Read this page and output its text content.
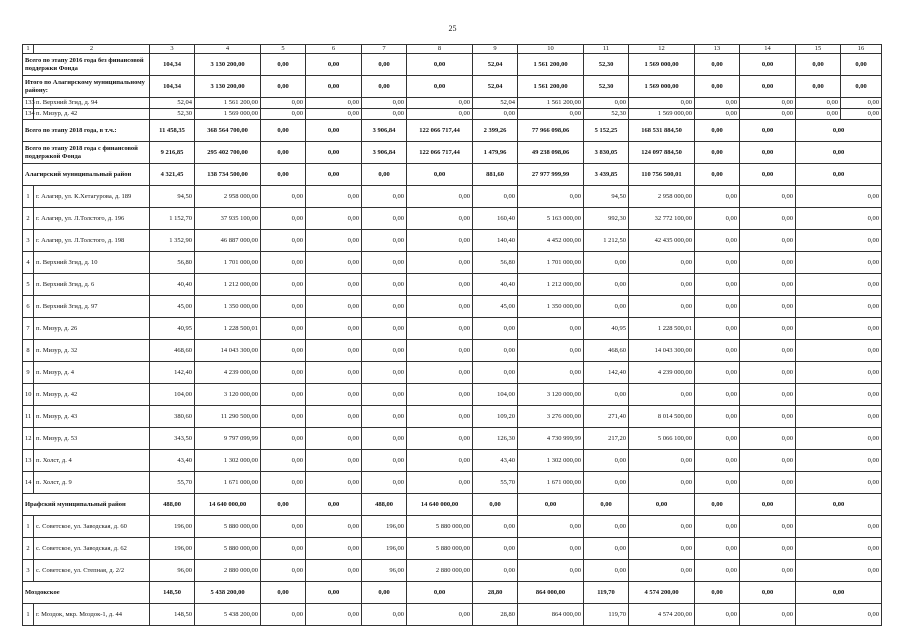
25
1	2	3	4	5	6	7	8	9	10	11	12	13	14	15	16
Всего по этапу 2016 года без финансовой поддержки Фонда		104,34	3 130 200,00	0,00	0,00	0,00	0,00	52,04	1 561 200,00	52,30	1 569 000,00	0,00	0,00	0,00	0,00
Итого по Алагирскому муниципальному району:		104,34	3 130 200,00	0,00	0,00	0,00	0,00	52,04	1 561 200,00	52,30	1 569 000,00	0,00	0,00	0,00	0,00
133	п. Верхний Згид, д. 94	52,04	1 561 200,00	0,00	0,00	0,00	0,00	52,04	1 561 200,00	0,00	0,00	0,00	0,00	0,00	0,00
134	п. Мизур, д. 42	52,30	1 569 000,00	0,00	0,00	0,00	0,00	0,00	0,00	52,30	1 569 000,00	0,00	0,00	0,00	0,00
Всего по этапу 2018 года, в т.ч.:		11 458,35	368 564 700,00	0,00	0,00	3 906,84	122 066 717,44	2 399,26	77 966 098,06	5 152,25	168 531 884,50	0,00	0,00	0,00	
Всего по этапу 2018 года с финансовой поддержкой Фонда		9 216,85	295 402 700,00	0,00	0,00	3 906,84	122 066 717,44	1 479,96	49 238 098,06	3 830,05	124 097 884,50	0,00	0,00	0,00	
Алагирский муниципальный район		4 321,45	138 734 500,00	0,00	0,00	0,00	0,00	881,60	27 977 999,99	3 439,85	110 756 500,01	0,00	0,00	0,00	
1	г. Алагир, ул. К.Хетагурова, д. 189	94,50	2 958 000,00	0,00	0,00	0,00	0,00	0,00	0,00	94,50	2 958 000,00	0,00	0,00	0,00	
2	г. Алагир, ул. Л.Толстого, д. 196	1 152,70	37 935 100,00	0,00	0,00	0,00	0,00	160,40	5 163 000,00	992,30	32 772 100,00	0,00	0,00	0,00	
3	г. Алагир, ул. Л.Толстого, д. 198	1 352,90	46 887 000,00	0,00	0,00	0,00	0,00	140,40	4 452 000,00	1 212,50	42 435 000,00	0,00	0,00	0,00	
4	п. Верхний Згид, д. 10	56,80	1 701 000,00	0,00	0,00	0,00	0,00	56,80	1 701 000,00	0,00	0,00	0,00	0,00	0,00	
5	п. Верхний Згид, д. 6	40,40	1 212 000,00	0,00	0,00	0,00	0,00	40,40	1 212 000,00	0,00	0,00	0,00	0,00	0,00	
6	п. Верхний Згид, д. 97	45,00	1 350 000,00	0,00	0,00	0,00	0,00	45,00	1 350 000,00	0,00	0,00	0,00	0,00	0,00	
7	п. Мизур, д. 26	40,95	1 228 500,01	0,00	0,00	0,00	0,00	0,00	0,00	40,95	1 228 500,01	0,00	0,00	0,00	
8	п. Мизур, д. 32	468,60	14 043 300,00	0,00	0,00	0,00	0,00	0,00	0,00	468,60	14 043 300,00	0,00	0,00	0,00	
9	п. Мизур, д. 4	142,40	4 239 000,00	0,00	0,00	0,00	0,00	0,00	0,00	142,40	4 239 000,00	0,00	0,00	0,00	
10	п. Мизур, д. 42	104,00	3 120 000,00	0,00	0,00	0,00	0,00	104,00	3 120 000,00	0,00	0,00	0,00	0,00	0,00	
11	п. Мизур, д. 43	380,60	11 290 500,00	0,00	0,00	0,00	0,00	109,20	3 276 000,00	271,40	8 014 500,00	0,00	0,00	0,00	
12	п. Мизур, д. 53	343,50	9 797 099,99	0,00	0,00	0,00	0,00	126,30	4 730 999,99	217,20	5 066 100,00	0,00	0,00	0,00	
13	п. Холст, д. 4	43,40	1 302 000,00	0,00	0,00	0,00	0,00	43,40	1 302 000,00	0,00	0,00	0,00	0,00	0,00	
14	п. Холст, д. 9	55,70	1 671 000,00	0,00	0,00	0,00	0,00	55,70	1 671 000,00	0,00	0,00	0,00	0,00	0,00	
Ирафский муниципальный район		488,00	14 640 000,00	0,00	0,00	488,00	14 640 000,00	0,00	0,00	0,00	0,00	0,00	0,00	0,00	
1	с. Советское, ул. Заводская, д. 60	196,00	5 880 000,00	0,00	0,00	196,00	5 880 000,00	0,00	0,00	0,00	0,00	0,00	0,00	0,00	
2	с. Советское, ул. Заводская, д. 62	196,00	5 880 000,00	0,00	0,00	196,00	5 880 000,00	0,00	0,00	0,00	0,00	0,00	0,00	0,00	
3	с. Советское, ул. Степная, д. 2/2	96,00	2 880 000,00	0,00	0,00	96,00	2 880 000,00	0,00	0,00	0,00	0,00	0,00	0,00	0,00	
Моздокское		148,50	5 438 200,00	0,00	0,00	0,00	0,00	28,80	864 000,00	119,70	4 574 200,00	0,00	0,00	0,00	
1	г. Моздок, мкр. Моздок-1, д. 44	148,50	5 438 200,00	0,00	0,00	0,00	0,00	28,80	864 000,00	119,70	4 574 200,00	0,00	0,00	0,00	
